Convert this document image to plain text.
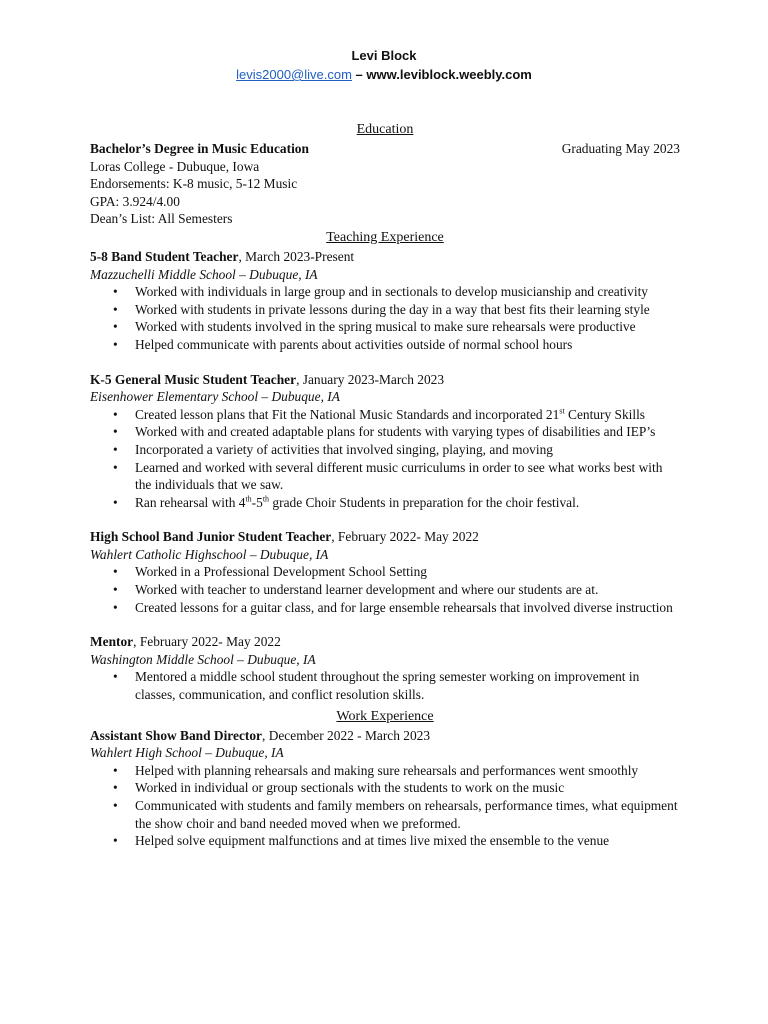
Levi Block
levis2000@live.com – www.leviblock.weebly.com
Education
Bachelor’s Degree in Music Education	Graduating May 2023
Loras College - Dubuque, Iowa
Endorsements: K-8 music, 5-12 Music
GPA: 3.924/4.00
Dean’s List: All Semesters
Teaching Experience
5-8 Band Student Teacher, March 2023-Present
Mazzuchelli Middle School – Dubuque, IA
• Worked with individuals in large group and in sectionals to develop musicianship and creativity
• Worked with students in private lessons during the day in a way that best fits their learning style
• Worked with students involved in the spring musical to make sure rehearsals were productive
• Helped communicate with parents about activities outside of normal school hours
K-5 General Music Student Teacher, January 2023-March 2023
Eisenhower Elementary School – Dubuque, IA
• Created lesson plans that Fit the National Music Standards and incorporated 21st Century Skills
• Worked with and created adaptable plans for students with varying types of disabilities and IEP’s
• Incorporated a variety of activities that involved singing, playing, and moving
• Learned and worked with several different music curriculums in order to see what works best with the individuals that we saw.
• Ran rehearsal with 4th-5th grade Choir Students in preparation for the choir festival.
High School Band Junior Student Teacher, February 2022- May 2022
Wahlert Catholic Highschool – Dubuque, IA
• Worked in a Professional Development School Setting
• Worked with teacher to understand learner development and where our students are at.
• Created lessons for a guitar class, and for large ensemble rehearsals that involved diverse instruction
Mentor, February 2022- May 2022
Washington Middle School – Dubuque, IA
• Mentored a middle school student throughout the spring semester working on improvement in classes, communication, and conflict resolution skills.
Work Experience
Assistant Show Band Director, December 2022 - March 2023
Wahlert High School – Dubuque, IA
• Helped with planning rehearsals and making sure rehearsals and performances went smoothly
• Worked in individual or group sectionals with the students to work on the music
• Communicated with students and family members on rehearsals, performance times, what equipment the show choir and band needed moved when we preformed.
• Helped solve equipment malfunctions and at times live mixed the ensemble to the venue
